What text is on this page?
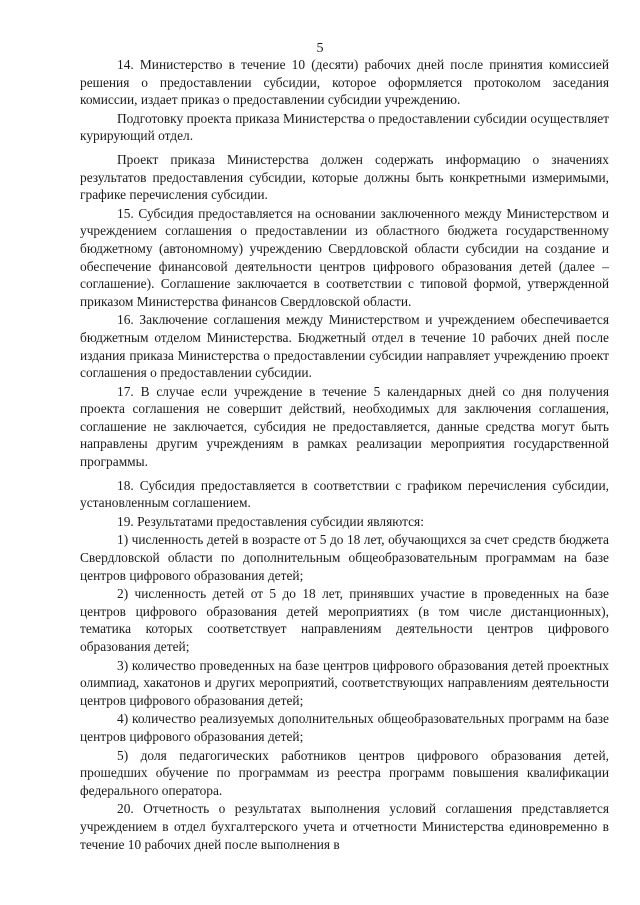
5

14. Министерство в течение 10 (десяти) рабочих дней после принятия комиссией решения о предоставлении субсидии, которое оформляется протоколом заседания комиссии, издает приказ о предоставлении субсидии учреждению.

Подготовку проекта приказа Министерства о предоставлении субсидии осуществляет курирующий отдел.

Проект приказа Министерства должен содержать информацию о значениях результатов предоставления субсидии, которые должны быть конкретными измеримыми, графике перечисления субсидии.

15. Субсидия предоставляется на основании заключенного между Министерством и учреждением соглашения о предоставлении из областного бюджета государственному бюджетному (автономному) учреждению Свердловской области субсидии на создание и обеспечение финансовой деятельности центров цифрового образования детей (далее – соглашение). Соглашение заключается в соответствии с типовой формой, утвержденной приказом Министерства финансов Свердловской области.

16. Заключение соглашения между Министерством и учреждением обеспечивается бюджетным отделом Министерства. Бюджетный отдел в течение 10 рабочих дней после издания приказа Министерства о предоставлении субсидии направляет учреждению проект соглашения о предоставлении субсидии.

17. В случае если учреждение в течение 5 календарных дней со дня получения проекта соглашения не совершит действий, необходимых для заключения соглашения, соглашение не заключается, субсидия не предоставляется, данные средства могут быть направлены другим учреждениям в рамках реализации мероприятия государственной программы.

18. Субсидия предоставляется в соответствии с графиком перечисления субсидии, установленным соглашением.

19. Результатами предоставления субсидии являются:

1) численность детей в возрасте от 5 до 18 лет, обучающихся за счет средств бюджета Свердловской области по дополнительным общеобразовательным программам на базе центров цифрового образования детей;

2) численность детей от 5 до 18 лет, принявших участие в проведенных на базе центров цифрового образования детей мероприятиях (в том числе дистанционных), тематика которых соответствует направлениям деятельности центров цифрового образования детей;

3) количество проведенных на базе центров цифрового образования детей проектных олимпиад, хакатонов и других мероприятий, соответствующих направлениям деятельности центров цифрового образования детей;

4) количество реализуемых дополнительных общеобразовательных программ на базе центров цифрового образования детей;

5) доля педагогических работников центров цифрового образования детей, прошедших обучение по программам из реестра программ повышения квалификации федерального оператора.

20. Отчетность о результатах выполнения условий соглашения представляется учреждением в отдел бухгалтерского учета и отчетности Министерства единовременно в течение 10 рабочих дней после выполнения в
